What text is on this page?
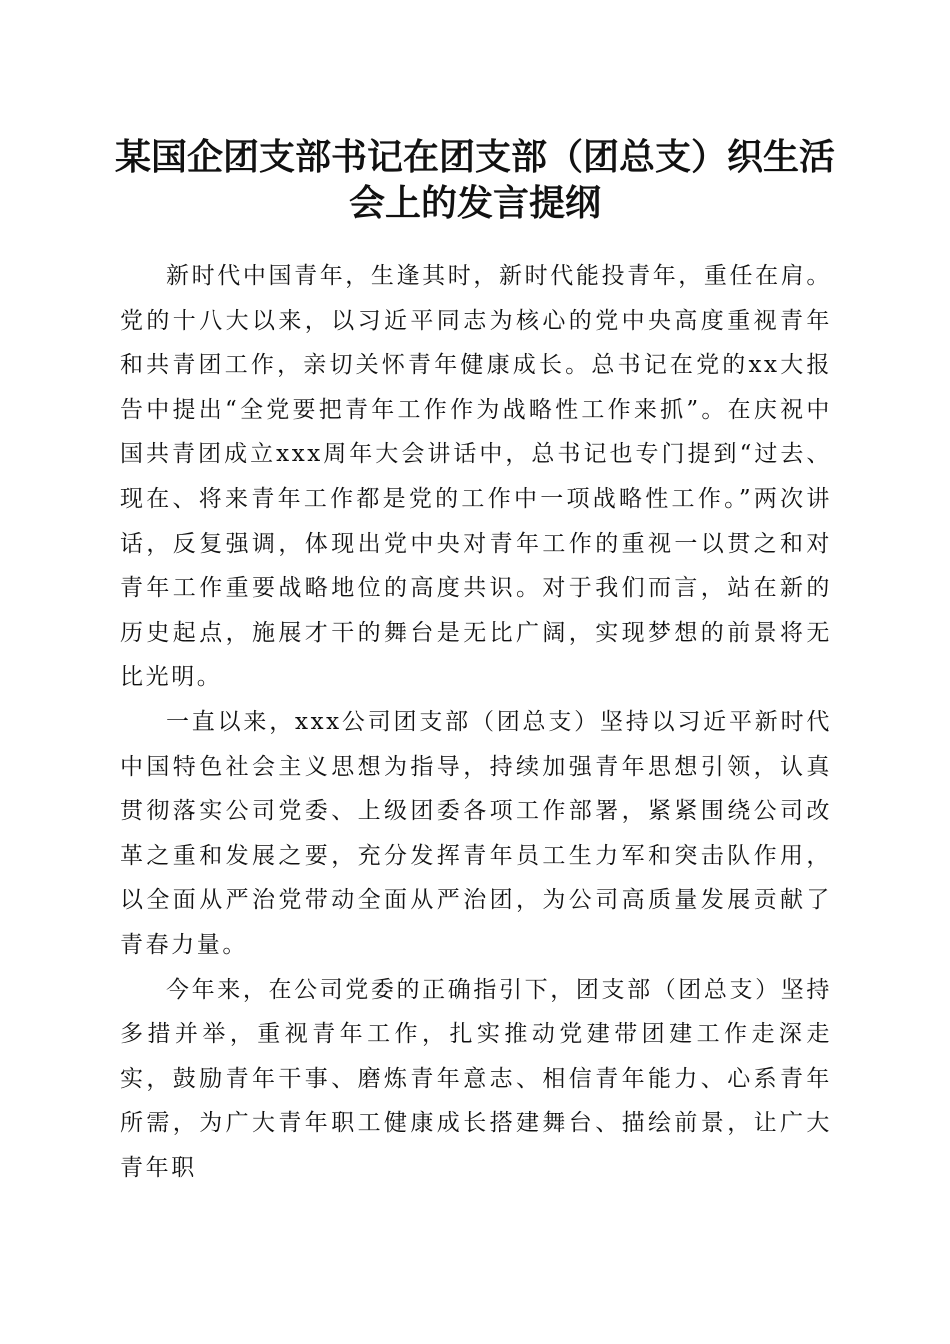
某国企团支部书记在团支部（团总支）织生活
会上的发言提纲

新时代中国青年，生逢其时，新时代能投青年，重任在肩。党的十八大以来，以习近平同志为核心的党中央高度重视青年和共青团工作，亲切关怀青年健康成长。总书记在党的xx大报告中提出“全党要把青年工作作为战略性工作来抓”。在庆祝中国共青团成立xxx周年大会讲话中，总书记也专门提到“过去、现在、将来青年工作都是党的工作中一项战略性工作。”两次讲话，反复强调，体现出党中央对青年工作的重视一以贯之和对青年工作重要战略地位的高度共识。对于我们而言，站在新的历史起点，施展才干的舞台是无比广阔，实现梦想的前景将无比光明。

一直以来，xxx公司团支部（团总支）坚持以习近平新时代中国特色社会主义思想为指导，持续加强青年思想引领，认真贯彻落实公司党委、上级团委各项工作部署，紧紧围绕公司改革之重和发展之要，充分发挥青年员工生力军和突击队作用，以全面从严治党带动全面从严治团，为公司高质量发展贡献了青春力量。

今年来，在公司党委的正确指引下，团支部（团总支）坚持多措并举，重视青年工作，扎实推动党建带团建工作走深走实，鼓励青年干事、磨炼青年意志、相信青年能力、心系青年所需，为广大青年职工健康成长搭建舞台、描绘前景，让广大青年职
